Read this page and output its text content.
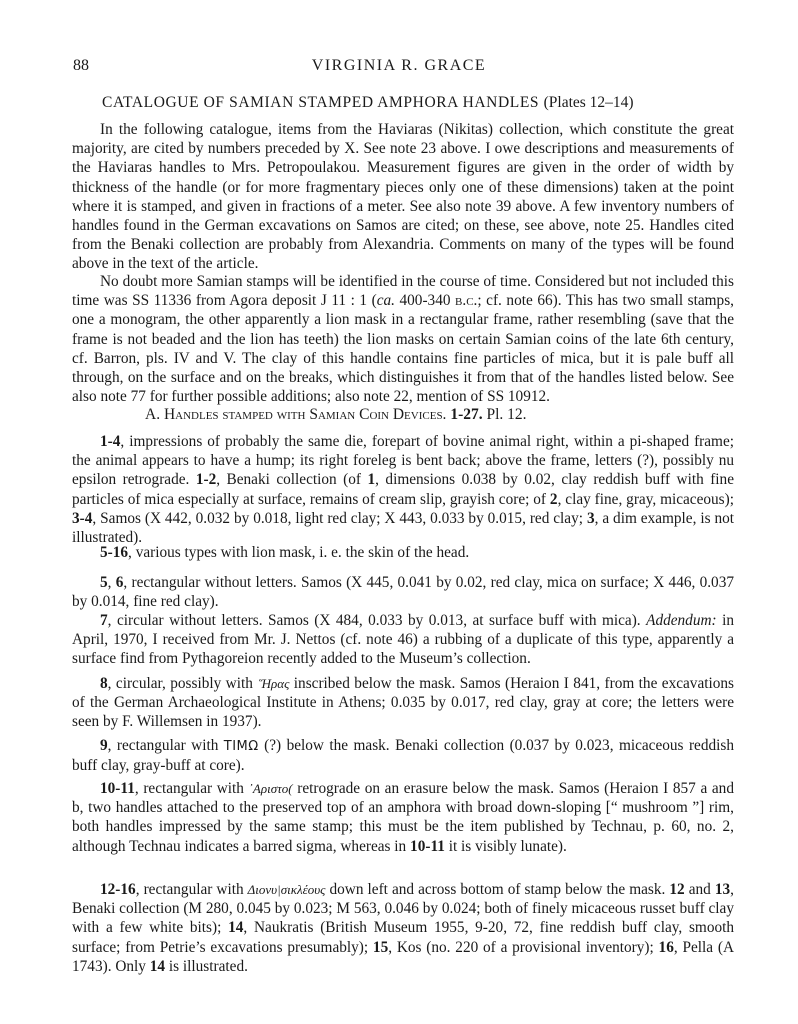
88	VIRGINIA R. GRACE
CATALOGUE OF SAMIAN STAMPED AMPHORA HANDLES (Plates 12–14)

In the following catalogue, items from the Haviaras (Nikitas) collection, which constitute the great majority, are cited by numbers preceded by X. See note 23 above. I owe descriptions and measurements of the Haviaras handles to Mrs. Petropoulakou. Measurement figures are given in the order of width by thickness of the handle (or for more fragmentary pieces only one of these dimensions) taken at the point where it is stamped, and given in fractions of a meter. See also note 39 above. A few inventory numbers of handles found in the German excavations on Samos are cited; on these, see above, note 25. Handles cited from the Benaki collection are probably from Alexandria. Comments on many of the types will be found above in the text of the article.

No doubt more Samian stamps will be identified in the course of time. Considered but not included this time was SS 11336 from Agora deposit J 11 : 1 (ca. 400-340 b.c.; cf. note 66). This has two small stamps, one a monogram, the other apparently a lion mask in a rectangular frame, rather resembling (save that the frame is not beaded and the lion has teeth) the lion masks on certain Samian coins of the late 6th century, cf. Barron, pls. IV and V. The clay of this handle contains fine particles of mica, but it is pale buff all through, on the surface and on the breaks, which distinguishes it from that of the handles listed below. See also note 77 for further possible additions; also note 22, mention of SS 10912.

A. Handles stamped with Samian Coin Devices. 1-27. Pl. 12.

1-4, impressions of probably the same die, forepart of bovine animal right, within a pi-shaped frame; the animal appears to have a hump; its right foreleg is bent back; above the frame, letters (?), possibly nu epsilon retrograde. 1-2, Benaki collection (of 1, dimensions 0.038 by 0.02, clay reddish buff with fine particles of mica especially at surface, remains of cream slip, grayish core; of 2, clay fine, gray, micaceous); 3-4, Samos (X 442, 0.032 by 0.018, light red clay; X 443, 0.033 by 0.015, red clay; 3, a dim example, is not illustrated).

5-16, various types with lion mask, i. e. the skin of the head.

5, 6, rectangular without letters. Samos (X 445, 0.041 by 0.02, red clay, mica on surface; X 446, 0.037 by 0.014, fine red clay).

7, circular without letters. Samos (X 484, 0.033 by 0.013, at surface buff with mica). Addendum: in April, 1970, I received from Mr. J. Nettos (cf. note 46) a rubbing of a duplicate of this type, apparently a surface find from Pythagoreion recently added to the Museum’s collection.

8, circular, possibly with ῞Ηρας inscribed below the mask. Samos (Heraion I 841, from the excavations of the German Archaeological Institute in Athens; 0.035 by 0.017, red clay, gray at core; the letters were seen by F. Willemsen in 1937).

9, rectangular with ΤΙΜΩ (?) below the mask. Benaki collection (0.037 by 0.023, micaceous reddish buff clay, gray-buff at core).

10-11, rectangular with ᾿Αριστο( retrograde on an erasure below the mask. Samos (Heraion I 857 a and b, two handles attached to the preserved top of an amphora with broad down-sloping [“ mushroom ”] rim, both handles impressed by the same stamp; this must be the item published by Technau, p. 60, no. 2, although Technau indicates a barred sigma, whereas in 10-11 it is visibly lunate).

12-16, rectangular with Διονυ|σικλέους down left and across bottom of stamp below the mask. 12 and 13, Benaki collection (M 280, 0.045 by 0.023; M 563, 0.046 by 0.024; both of finely micaceous russet buff clay with a few white bits); 14, Naukratis (British Museum 1955, 9-20, 72, fine reddish buff clay, smooth surface; from Petrie’s excavations presumably); 15, Kos (no. 220 of a provisional inventory); 16, Pella (A 1743). Only 14 is illustrated.
